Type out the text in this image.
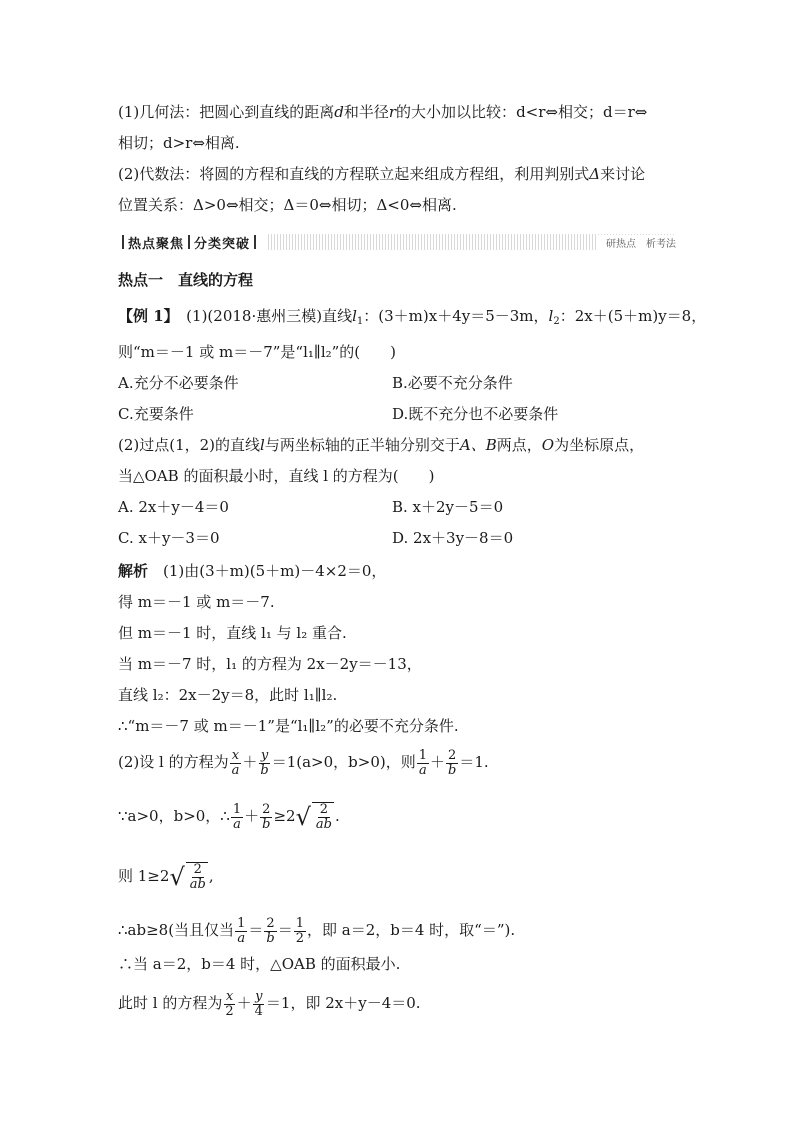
(1)几何法：把圆心到直线的距离d和半径r的大小加以比较：d<r⇔相交；d＝r⇔
相切；d>r⇔相离.
(2)代数法：将圆的方程和直线的方程联立起来组成方程组，利用判别式Δ来讨论
位置关系：Δ>0⇔相交；Δ＝0⇔相切；Δ<0⇔相离.
热点聚焦 分类突破	研热点　析考法
热点一　直线的方程
【例 1】　(1)(2018·惠州三模)直线$l_1$：(3＋m)x＋4y＝5－3m，$l_2$：2x＋(5＋m)y＝8，
则“m＝－1 或 m＝－7”是“l₁∥l₂”的(　　)
A.充分不必要条件	B.必要不充分条件
C.充要条件	D.既不充分也不必要条件
(2)过点(1，2)的直线l与两坐标轴的正半轴分别交于A、B两点，O为坐标原点，
当△OAB 的面积最小时，直线 l 的方程为(　　)
A. 2x＋y－4＝0	B. x＋2y－5＝0
C. x＋y－3＝0	D. 2x＋3y－8＝0
解析　(1)由(3＋m)(5＋m)－4×2＝0，
得 m＝－1 或 m＝－7.
但 m＝－1 时，直线 l₁ 与 l₂ 重合.
当 m＝－7 时，l₁ 的方程为 2x－2y＝－13，
直线 l₂：2x－2y＝8，此时 l₁∥l₂.
∴“m＝－7 或 m＝－1”是“l₁∥l₂”的必要不充分条件.
(2)设 l 的方程为 $\frac{x}{a} + \frac{y}{b} =1(a>0$，b>0)，则 $\frac{1}{a} + \frac{2}{b} =1$.
∵a>0，b>0，∴ $\frac{1}{a} + \frac{2}{b} \ge 2$ √ $\frac{2}{ab}$ .
则 1≥2 √ $\frac{2}{ab}$ ,
∴ab≥8(当且仅当 $\frac{1}{a} = \frac{2}{b} = \frac{1}{2}$ ，即 a＝2，b＝4 时，取“＝”).
∴当 a＝2，b＝4 时，△OAB 的面积最小.
此时 l 的方程为 $\frac{x}{2} + \frac{y}{4} =1$，即 2x＋y－4＝0.
